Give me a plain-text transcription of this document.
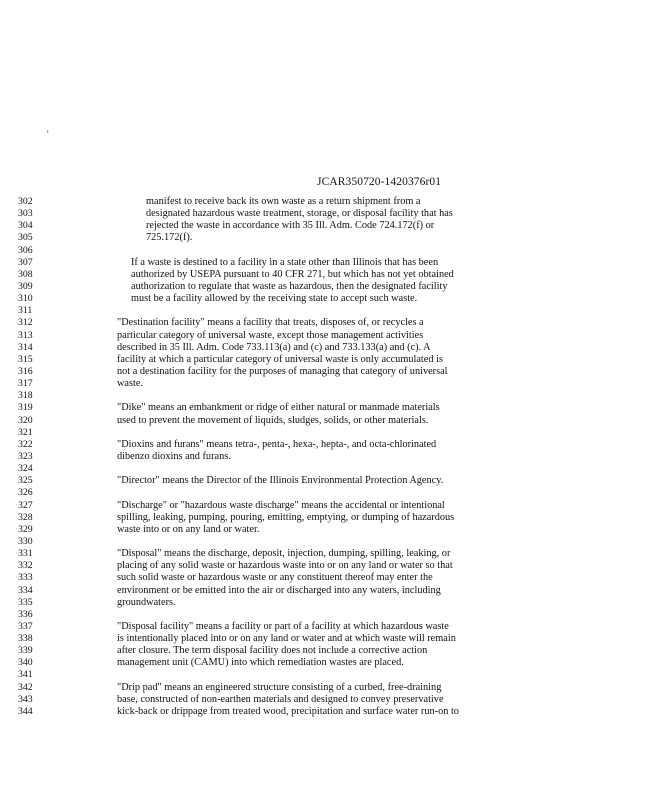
'
JCAR350720-1420376r01
302	manifest to receive back its own waste as a return shipment from a
303	designated hazardous waste treatment, storage, or disposal facility that has
304	rejected the waste in accordance with 35 Ill. Adm. Code 724.172(f) or
305	725.172(f).
306
307	If a waste is destined to a facility in a state other than Illinois that has been
308	authorized by USEPA pursuant to 40 CFR 271, but which has not yet obtained
309	authorization to regulate that waste as hazardous, then the designated facility
310	must be a facility allowed by the receiving state to accept such waste.
311
312	"Destination facility" means a facility that treats, disposes of, or recycles a
313	particular category of universal waste, except those management activities
314	described in 35 Ill. Adm. Code 733.113(a) and (c) and 733.133(a) and (c). A
315	facility at which a particular category of universal waste is only accumulated is
316	not a destination facility for the purposes of managing that category of universal
317	waste.
318
319	"Dike" means an embankment or ridge of either natural or manmade materials
320	used to prevent the movement of liquids, sludges, solids, or other materials.
321
322	"Dioxins and furans" means tetra-, penta-, hexa-, hepta-, and octa-chlorinated
323	dibenzo dioxins and furans.
324
325	"Director" means the Director of the Illinois Environmental Protection Agency.
326
327	"Discharge" or "hazardous waste discharge" means the accidental or intentional
328	spilling, leaking, pumping, pouring, emitting, emptying, or dumping of hazardous
329	waste into or on any land or water.
330
331	"Disposal" means the discharge, deposit, injection, dumping, spilling, leaking, or
332	placing of any solid waste or hazardous waste into or on any land or water so that
333	such solid waste or hazardous waste or any constituent thereof may enter the
334	environment or be emitted into the air or discharged into any waters, including
335	groundwaters.
336
337	"Disposal facility" means a facility or part of a facility at which hazardous waste
338	is intentionally placed into or on any land or water and at which waste will remain
339	after closure. The term disposal facility does not include a corrective action
340	management unit (CAMU) into which remediation wastes are placed.
341
342	"Drip pad" means an engineered structure consisting of a curbed, free-draining
343	base, constructed of non-earthen materials and designed to convey preservative
344	kick-back or drippage from treated wood, precipitation and surface water run-on to
